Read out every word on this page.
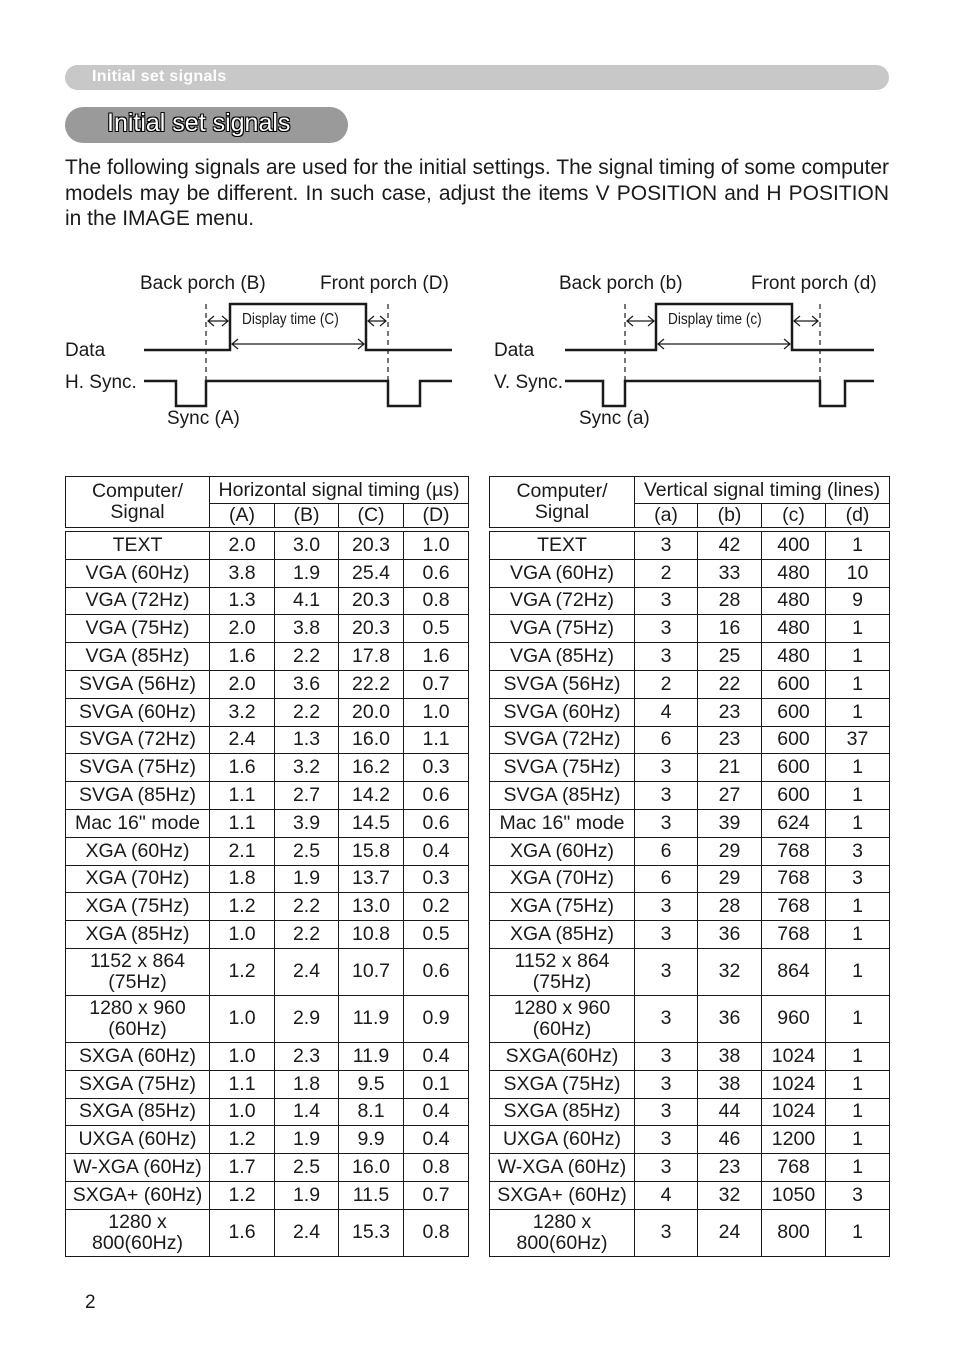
Initial set signals
Initial set signals

The following signals are used for the initial settings. The signal timing of some computer models may be different. In such case, adjust the items V POSITION and H POSITION in the IMAGE menu.

Back porch (B)	Front porch (D)
Display time (C)
Data
H. Sync.
Sync (A)
Back porch (b)	Front porch (d)
Display time (c)
Data
V. Sync.
Sync (a)
Computer/
Signal	Horizontal signal timing (µs)			
	(A)	(B)	(C)	(D)

TEXT	2.0	3.0	20.3	1.0

VGA (60Hz)	3.8	1.9	25.4	0.6

VGA (72Hz)	1.3	4.1	20.3	0.8

VGA (75Hz)	2.0	3.8	20.3	0.5

VGA (85Hz)	1.6	2.2	17.8	1.6

SVGA (56Hz)	2.0	3.6	22.2	0.7

SVGA (60Hz)	3.2	2.2	20.0	1.0

SVGA (72Hz)	2.4	1.3	16.0	1.1

SVGA (75Hz)	1.6	3.2	16.2	0.3

SVGA (85Hz)	1.1	2.7	14.2	0.6

Mac 16" mode	1.1	3.9	14.5	0.6

XGA (60Hz)	2.1	2.5	15.8	0.4

XGA (70Hz)	1.8	1.9	13.7	0.3

XGA (75Hz)	1.2	2.2	13.0	0.2

XGA (85Hz)	1.0	2.2	10.8	0.5

1152 x 864
(75Hz)	1.2	2.4	10.7	0.6

1280 x 960
(60Hz)	1.0	2.9	11.9	0.9

SXGA (60Hz)	1.0	2.3	11.9	0.4

SXGA (75Hz)	1.1	1.8	9.5	0.1

SXGA (85Hz)	1.0	1.4	8.1	0.4

UXGA (60Hz)	1.2	1.9	9.9	0.4

W-XGA (60Hz)	1.7	2.5	16.0	0.8

SXGA+ (60Hz)	1.2	1.9	11.5	0.7

1280 x
800(60Hz)	1.6	2.4	15.3	0.8
Computer/
Signal	Vertical signal timing (lines)			
	(a)	(b)	(c)	(d)

TEXT	3	42	400	1

VGA (60Hz)	2	33	480	10

VGA (72Hz)	3	28	480	9

VGA (75Hz)	3	16	480	1

VGA (85Hz)	3	25	480	1

SVGA (56Hz)	2	22	600	1

SVGA (60Hz)	4	23	600	1

SVGA (72Hz)	6	23	600	37

SVGA (75Hz)	3	21	600	1

SVGA (85Hz)	3	27	600	1

Mac 16" mode	3	39	624	1

XGA (60Hz)	6	29	768	3

XGA (70Hz)	6	29	768	3

XGA (75Hz)	3	28	768	1

XGA (85Hz)	3	36	768	1

1152 x 864
(75Hz)	3	32	864	1

1280 x 960
(60Hz)	3	36	960	1

SXGA(60Hz)	3	38	1024	1

SXGA (75Hz)	3	38	1024	1

SXGA (85Hz)	3	44	1024	1

UXGA (60Hz)	3	46	1200	1

W-XGA (60Hz)	3	23	768	1

SXGA+ (60Hz)	4	32	1050	3

1280 x
800(60Hz)	3	24	800	1
2
